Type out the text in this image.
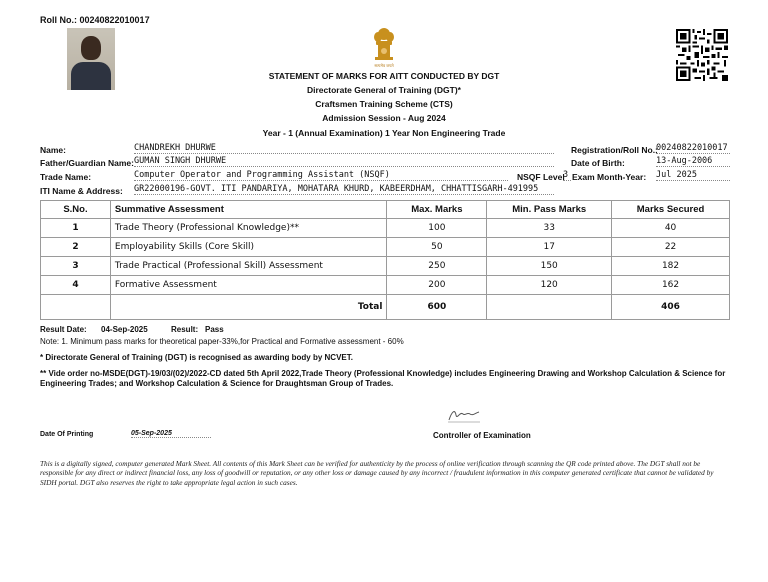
Roll No.: 00240822010017
सत्यमेव जयते
STATEMENT OF MARKS FOR AITT CONDUCTED BY DGT
Directorate General of Training (DGT)*
Craftsmen Training Scheme (CTS)
Admission Session - Aug 2024
Year - 1 (Annual Examination) 1 Year Non Engineering Trade
Name:	CHANDREKH DHURWE
Father/Guardian Name: GUMAN SINGH DHURWE
Trade Name:	Computer Operator and Programming Assistant (NSQF)
ITI Name & Address: GR22000196-GOVT. ITI PANDARIYA, MOHATARA KHURD, KABEERDHAM, CHHATTISGARH-491995
Registration/Roll No.:
00240822010017
Date of Birth:	13-Aug-2006
NSQF Level
3 Exam Month-Year: Jul 2025
S.No.	Summative Assessment	Max. Marks	Min. Pass Marks	Marks Secured
1	Trade Theory (Professional Knowledge)**	100	33	40
2	Employability Skills (Core Skill)	50	17	22
3	Trade Practical (Professional Skill) Assessment	250	150	182
4	Formative Assessment	200	120	162
	Total	600		406
Result Date: 04-Sep-2025	Result: Pass
Note: 1. Minimum pass marks for theoretical paper-33%,for Practical and Formative assessment - 60%
* Directorate General of Training (DGT) is recognised as awarding body by NCVET.
** Vide order no-MSDE(DGT)-19/03/(02)/2022-CD dated 5th April 2022,Trade Theory (Professional Knowledge) includes Engineering Drawing and Workshop Calculation & Science for Engineering Trades; and Workshop Calculation & Science for Draughtsman Group of Trades.
Date Of Printing	05-Sep-2025	Controller of Examination
This is a digitally signed, computer generated Mark Sheet. All contents of this Mark Sheet can be verified for authenticity by the process of online verification through scanning the QR code printed above. The DGT shall not be responsible for any direct or indirect financial loss, any loss of goodwill or reputation, or any other loss or damage caused by any incorrect / fraudulent information in this computer generated certificate that cannot be validated by SIDH portal. DGT also reserves the right to take appropriate legal action in such cases.
